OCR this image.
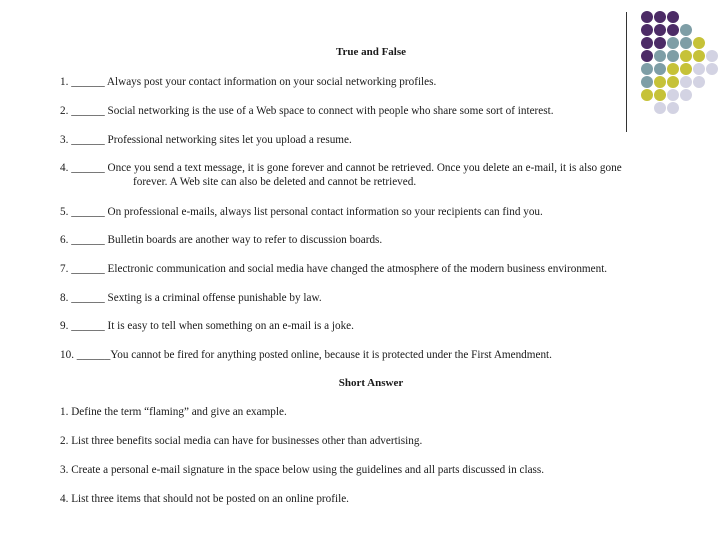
True and False
1. ______ Always post your contact information on your social networking profiles.
2. ______ Social networking is the use of a Web space to connect with people who share some sort of interest.
3. ______ Professional networking sites let you upload a resume.
4. ______ Once you send a text message, it is gone forever and cannot be retrieved. Once you delete an e-mail, it is also gone
forever. A Web site can also be deleted and cannot be retrieved.
5. ______ On professional e-mails, always list personal contact information so your recipients can find you.
6. ______ Bulletin boards are another way to refer to discussion boards.
7. ______ Electronic communication and social media have changed the atmosphere of the modern business environment.
8. ______ Sexting is a criminal offense punishable by law.
9. ______ It is easy to tell when something on an e-mail is a joke.
10. ______You cannot be fired for anything posted online, because it is protected under the First Amendment.
Short Answer
1. Define the term “flaming” and give an example.
2. List three benefits social media can have for businesses other than advertising.
3. Create a personal e-mail signature in the space below using the guidelines and all parts discussed in class.
4. List three items that should not be posted on an online profile.
